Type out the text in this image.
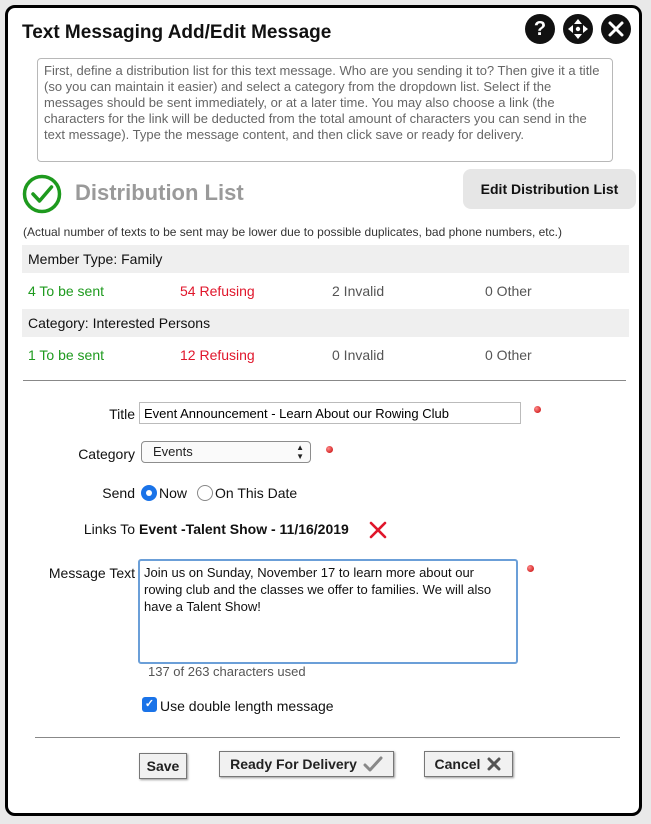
Text Messaging Add/Edit Message	?
First, define a distribution list for this text message. Who are you sending it to? Then give it a title (so you can maintain it easier) and select a category from the dropdown list. Select if the messages should be sent immediately, or at a later time. You may also choose a link (the characters for the link will be deducted from the total amount of characters you can send in the text message). Type the message content, and then click save or ready for delivery.
Distribution List	Edit Distribution List
(Actual number of texts to be sent may be lower due to possible duplicates, bad phone numbers, etc.)
Member Type: Family
4 To be sent	54 Refusing	2 Invalid	0 Other
Category: Interested Persons
1 To be sent	12 Refusing	0 Invalid	0 Other
Title
Event Announcement - Learn About our Rowing Club
Category	Events	▲
▼
Send Now On This Date
Links To Event -Talent Show - 11/16/2019
Message Text Join us on Sunday, November 17 to learn more about our rowing club and the classes we offer to families. We will also have a Talent Show!
137 of 263 characters used
✓ Use double length message
Save	Ready For Delivery	Cancel
